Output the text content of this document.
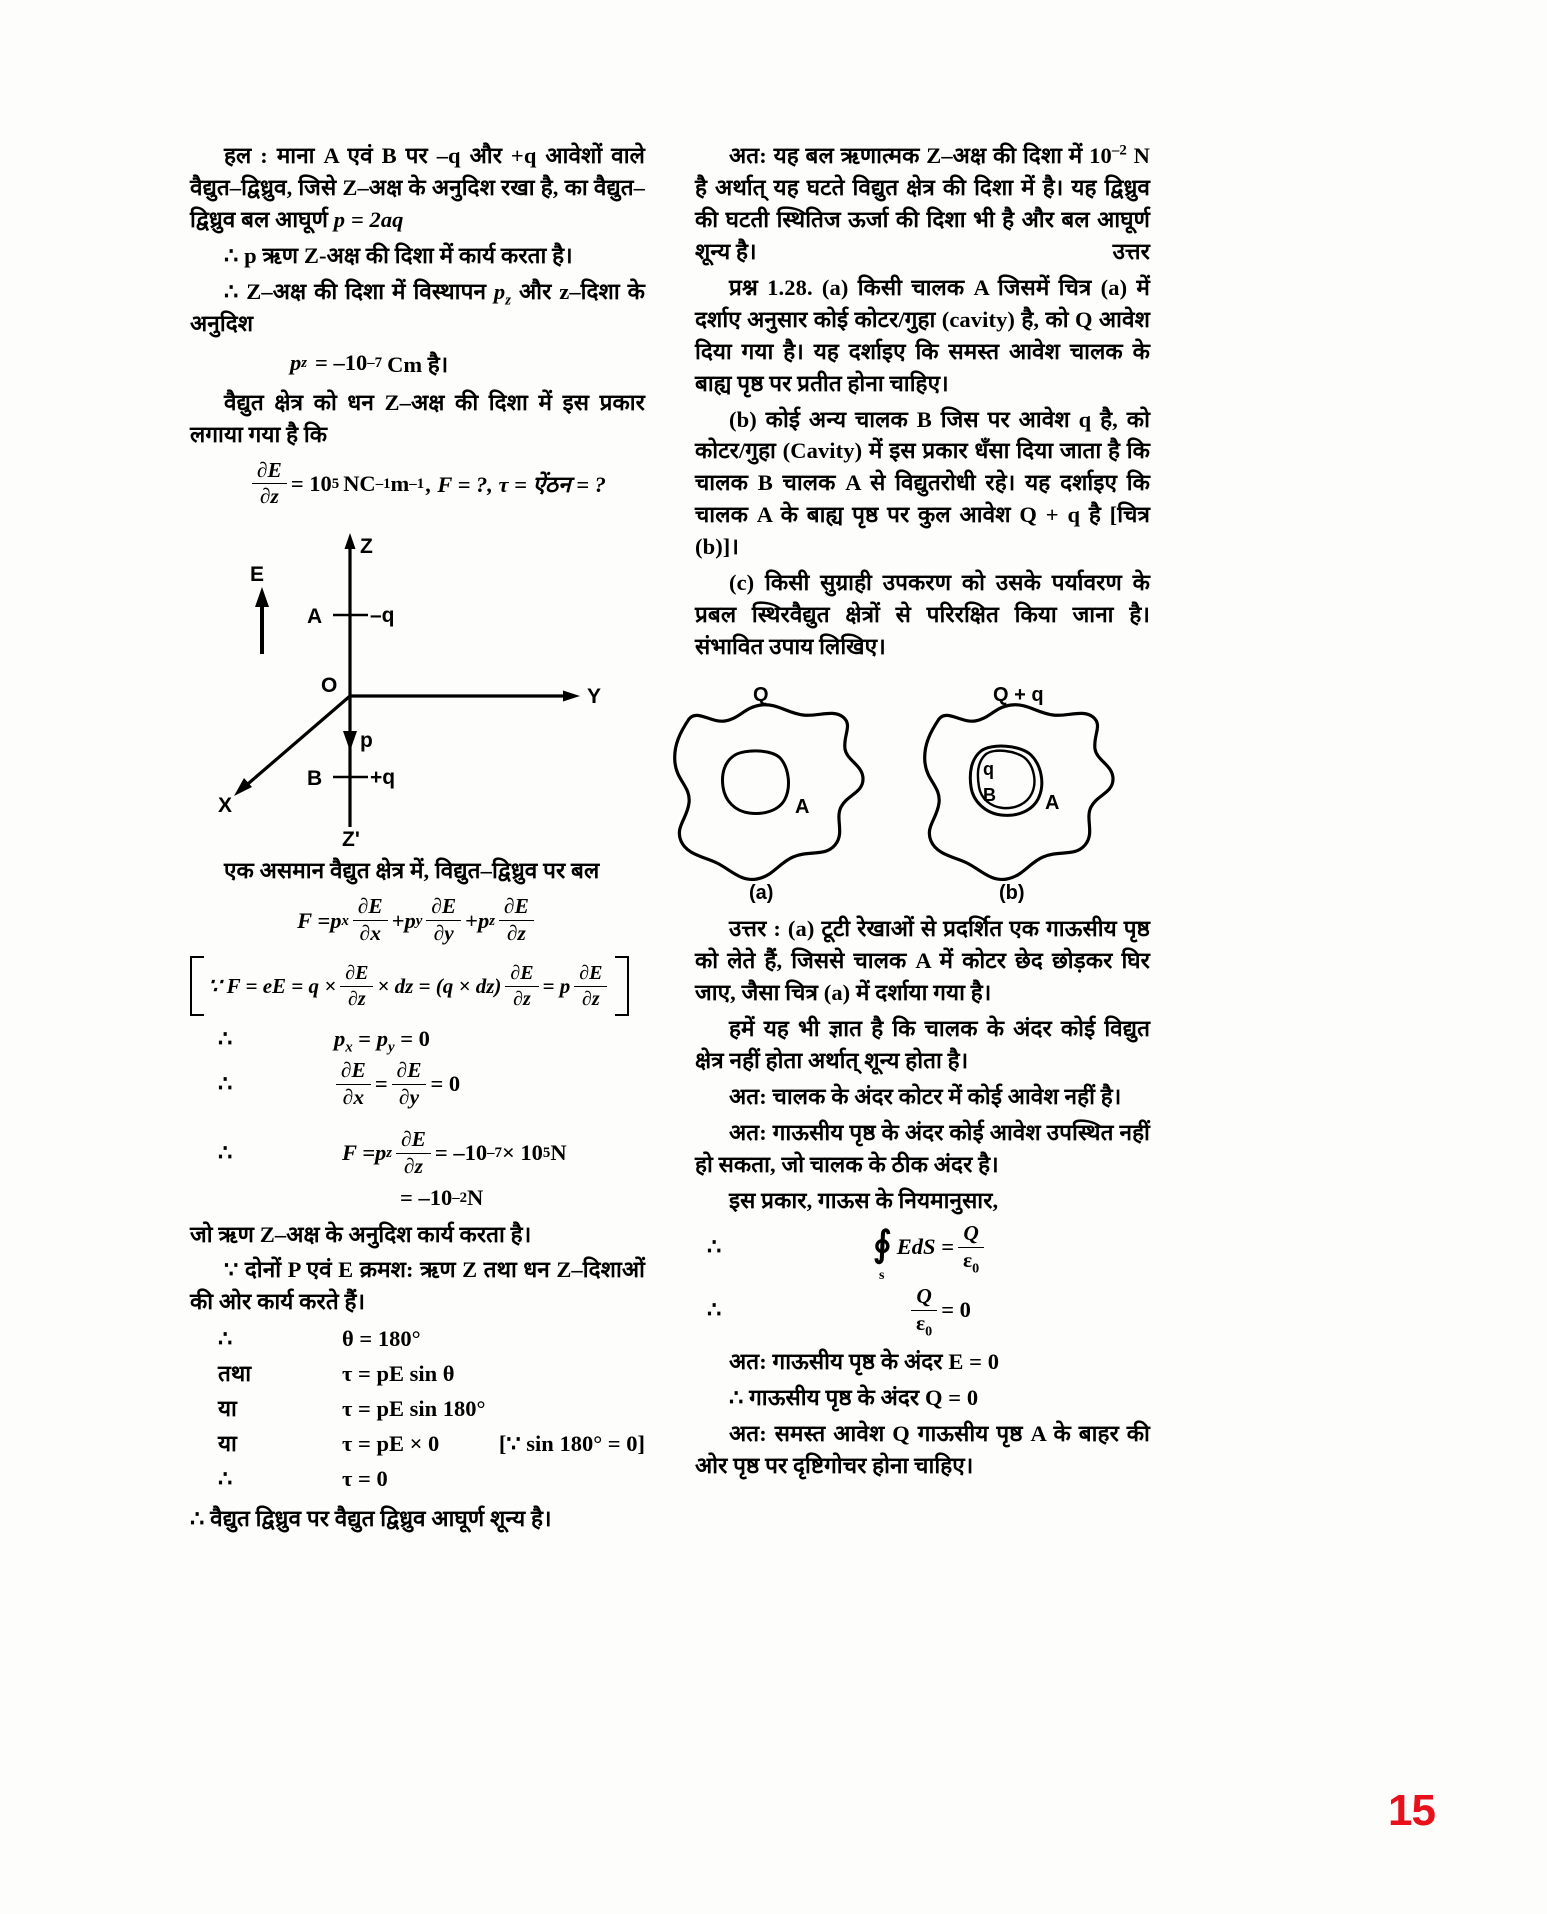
हल : माना A एवं B पर –q और +q आवेशों वाले वैद्युत–द्विध्रुव, जिसे Z–अक्ष के अनुदिश रखा है, का वैद्युत–द्विध्रुव बल आघूर्ण p = 2aq

∴ p ऋण Z-अक्ष की दिशा में कार्य करता है।

∴ Z–अक्ष की दिशा में विस्थापन $p_z$ और z–दिशा के अनुदिश

p z = –10 –7 Cm है।

वैद्युत क्षेत्र को धन Z–अक्ष की दिशा में इस प्रकार लगाया गया है कि

$\frac{\partial E}{\partial z} = 10$ 5 NC –1 m –1 , F = ?, τ = ऐंठन = ?
Z
Z'
Y
X
O
E
p
A –q
B +q

एक असमान वैद्युत क्षेत्र में, विद्युत–द्विध्रुव पर बल

F = p x $\frac{\partial E}{\partial x} + p$ y $\frac{\partial E}{\partial y} + p$ z $\frac{\partial E}{\partial z}$
∵ F = eE = $q \times \frac{\partial E}{\partial z}$ × dz = $(q \times dz) \frac{\partial E}{\partial z} = p \frac{\partial E}{\partial z}$
∴	$p_x = p_y = 0$
∴	$\frac{\partial E}{\partial x} = \frac{\partial E}{\partial y} = 0$
∴	F = p z $\frac{\partial E}{\partial z} = -10$ –7 × 10 5 N
= –10 –2 N

जो ऋण Z–अक्ष के अनुदिश कार्य करता है।

∵ दोनों P एवं E क्रमश: ऋण Z तथा धन Z–दिशाओं की ओर कार्य करते हैं।

∴	θ = 180°
तथा	τ = pE sin θ
या	τ = pE sin 180°
या	τ = pE × 0	[∵ sin 180° = 0]
∴	τ = 0

∴ वैद्युत द्विध्रुव पर वैद्युत द्विध्रुव आघूर्ण शून्य है।

अत: यह बल ऋणात्मक Z–अक्ष की दिशा में $10^{-2}$ N है अर्थात् यह घटते विद्युत क्षेत्र की दिशा में है। यह द्विध्रुव की घटती स्थितिज ऊर्जा की दिशा भी है और बल आघूर्ण शून्य है।	उत्तर

प्रश्न 1.28. (a) किसी चालक A जिसमें चित्र (a) में दर्शाए अनुसार कोई कोटर/गुहा (cavity) है, को Q आवेश दिया गया है। यह दर्शाइए कि समस्त आवेश चालक के बाह्य पृष्ठ पर प्रतीत होना चाहिए।

(b) कोई अन्य चालक B जिस पर आवेश q है, को कोटर/गुहा (Cavity) में इस प्रकार धँसा दिया जाता है कि चालक B चालक A से विद्युतरोधी रहे। यह दर्शाइए कि चालक A के बाह्य पृष्ठ पर कुल आवेश Q + q है [चित्र (b)]।

(c) किसी सुग्राही उपकरण को उसके पर्यावरण के प्रबल स्थिरवैद्युत क्षेत्रों से परिरक्षित किया जाना है। संभावित उपाय लिखिए।

Q
A
(a)
Q + q
q
B A
(b)

उत्तर : (a) टूटी रेखाओं से प्रदर्शित एक गाऊसीय पृष्ठ को लेते हैं, जिससे चालक A में कोटर छेद छोड़कर घिर जाए, जैसा चित्र (a) में दर्शाया गया है।

हमें यह भी ज्ञात है कि चालक के अंदर कोई विद्युत क्षेत्र नहीं होता अर्थात् शून्य होता है।

अत: चालक के अंदर कोटर में कोई आवेश नहीं है।

अत: गाऊसीय पृष्ठ के अंदर कोई आवेश उपस्थित नहीं हो सकता, जो चालक के ठीक अंदर है।

इस प्रकार, गाऊस के नियमानुसार,

∴	∮
s
EdS = $\frac{Q}{\varepsilon_0}$
∴	$\frac{Q}{\varepsilon_0} = 0$

अत: गाऊसीय पृष्ठ के अंदर E = 0

∴ गाऊसीय पृष्ठ के अंदर Q = 0

अत: समस्त आवेश Q गाऊसीय पृष्ठ A के बाहर की ओर पृष्ठ पर दृष्टिगोचर होना चाहिए।

15
